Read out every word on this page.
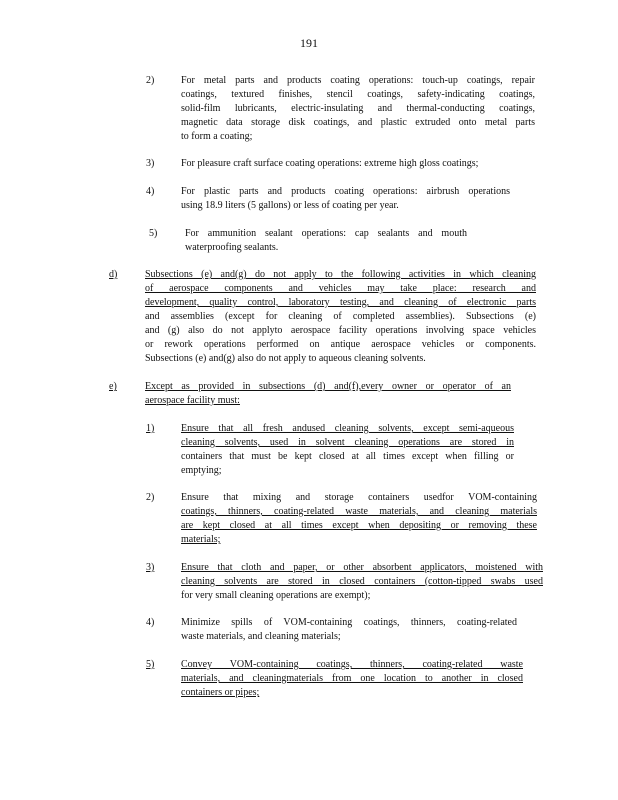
191
2)	For metal parts and products coating operations: touch-up coatings, repair
coatings, textured finishes, stencil coatings, safety-indicating coatings,
solid-film lubricants, electric-insulating and thermal-conducting coatings,
magnetic data storage disk coatings, and plastic extruded onto metal parts
to form a coating;
3)	For pleasure craft surface coating operations: extreme high gloss coatings;
4)	For plastic parts and products coating operations: airbrush operations
using 18.9 liters (5 gallons) or less of coating per year.
5)	For ammunition sealant operations: cap sealants and mouth
waterproofing sealants.
d)	Subsections (e) and(g) do not apply to the following activities in which cleaning
of aerospace components and vehicles may take place: research and
development, quality control, laboratory testing, and cleaning of electronic parts
and assemblies (except for cleaning of completed assemblies). Subsections (e)
and (g) also do not applyto aerospace facility operations involving space vehicles
or rework operations performed on antique aerospace vehicles or components.
Subsections (e) and(g) also do not apply to aqueous cleaning solvents.
e)	Except as provided in subsections (d) and(f),every owner or operator of an
aerospace facility must:
1)	Ensure that all fresh andused cleaning solvents, except semi-aqueous
cleaning solvents, used in solvent cleaning operations are stored in
containers that must be kept closed at all times except when filling or
emptying;
2)	Ensure that mixing and storage containers usedfor VOM-containing
coatings, thinners, coating-related waste materials, and cleaning materials
are kept closed at all times except when depositing or removing these
materials;
3)	Ensure that cloth and paper, or other absorbent applicators, moistened with
cleaning solvents are stored in closed containers (cotton-tipped swabs used
for very small cleaning operations are exempt);
4)	Minimize spills of VOM-containing coatings, thinners, coating-related
waste materials, and cleaning materials;
5)	Convey VOM-containing coatings, thinners, coating-related waste
materials, and cleaningmaterials from one location to another in closed
containers or pipes;
